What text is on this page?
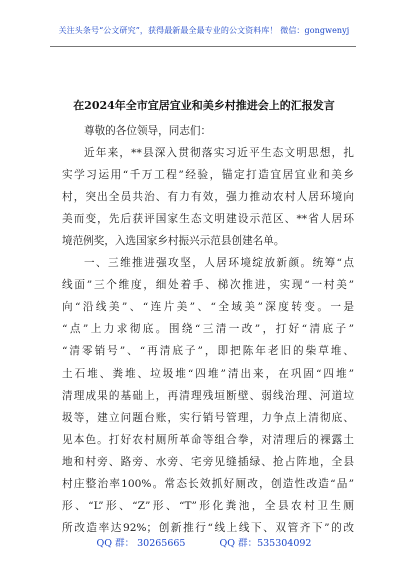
关注头条号“公文研究”，获得最新最全最专业的公文资料库！ 微信：gongwenyj
在2024年全市宜居宜业和美乡村推进会上的汇报发言
尊敬的各位领导，同志们：
近年来，**县深入贯彻落实习近平生态文明思想，扎
实学习运用“千万工程”经验，锚定打造宜居宜业和美乡
村，突出全员共治、有力有效，强力推动农村人居环境向
美而变，先后获评国家生态文明建设示范区、**省人居环
境范例奖，入选国家乡村振兴示范县创建名单。
一、三维推进强攻坚，人居环境绽放新颜。统筹“点
线面”三个维度，细处着手、梯次推进，实现“一村美”
向“沿线美”、“连片美”、“全域美”深度转变。一是
“点”上力求彻底。围绕“三清一改”，打好“清底子”
“清零销号”、“再清底子”，即把陈年老旧的柴草堆、
土石堆、粪堆、垃圾堆“四堆”清出来，在巩固“四堆”
清理成果的基础上，再清理残垣断壁、弱线治理、河道垃
圾等，建立问题台账，实行销号管理，力争点上清彻底、
见本色。打好农村厕所革命等组合拳，对清理后的裸露土
地和村旁、路旁、水旁、宅旁见缝插绿、抢占阵地，全县
村庄整治率100%。常态长效抓好厕改，创造性改造“品”
形、“L”形、“Z”形、“T”形化粪池，全县农村卫生厕
所改造率达92%；创新推行“线上线下、双管齐下”的改
QQ 群： 30265665	QQ 群：535304092
